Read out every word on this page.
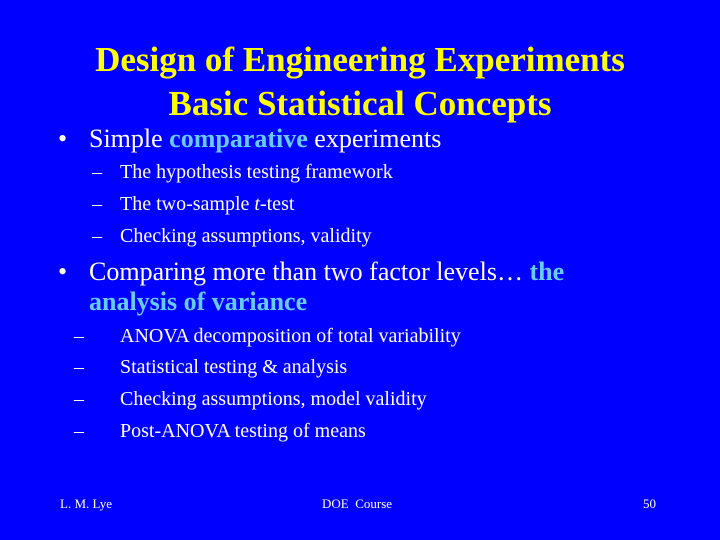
Design of Engineering Experiments
Basic Statistical Concepts
• Simple comparative experiments
– The hypothesis testing framework
– The two-sample t-test
– Checking assumptions, validity
• Comparing more than two factor levels… the
analysis of variance
– ANOVA decomposition of total variability
– Statistical testing & analysis
– Checking assumptions, model validity
– Post-ANOVA testing of means
L. M. Lye	DOE  Course	50
